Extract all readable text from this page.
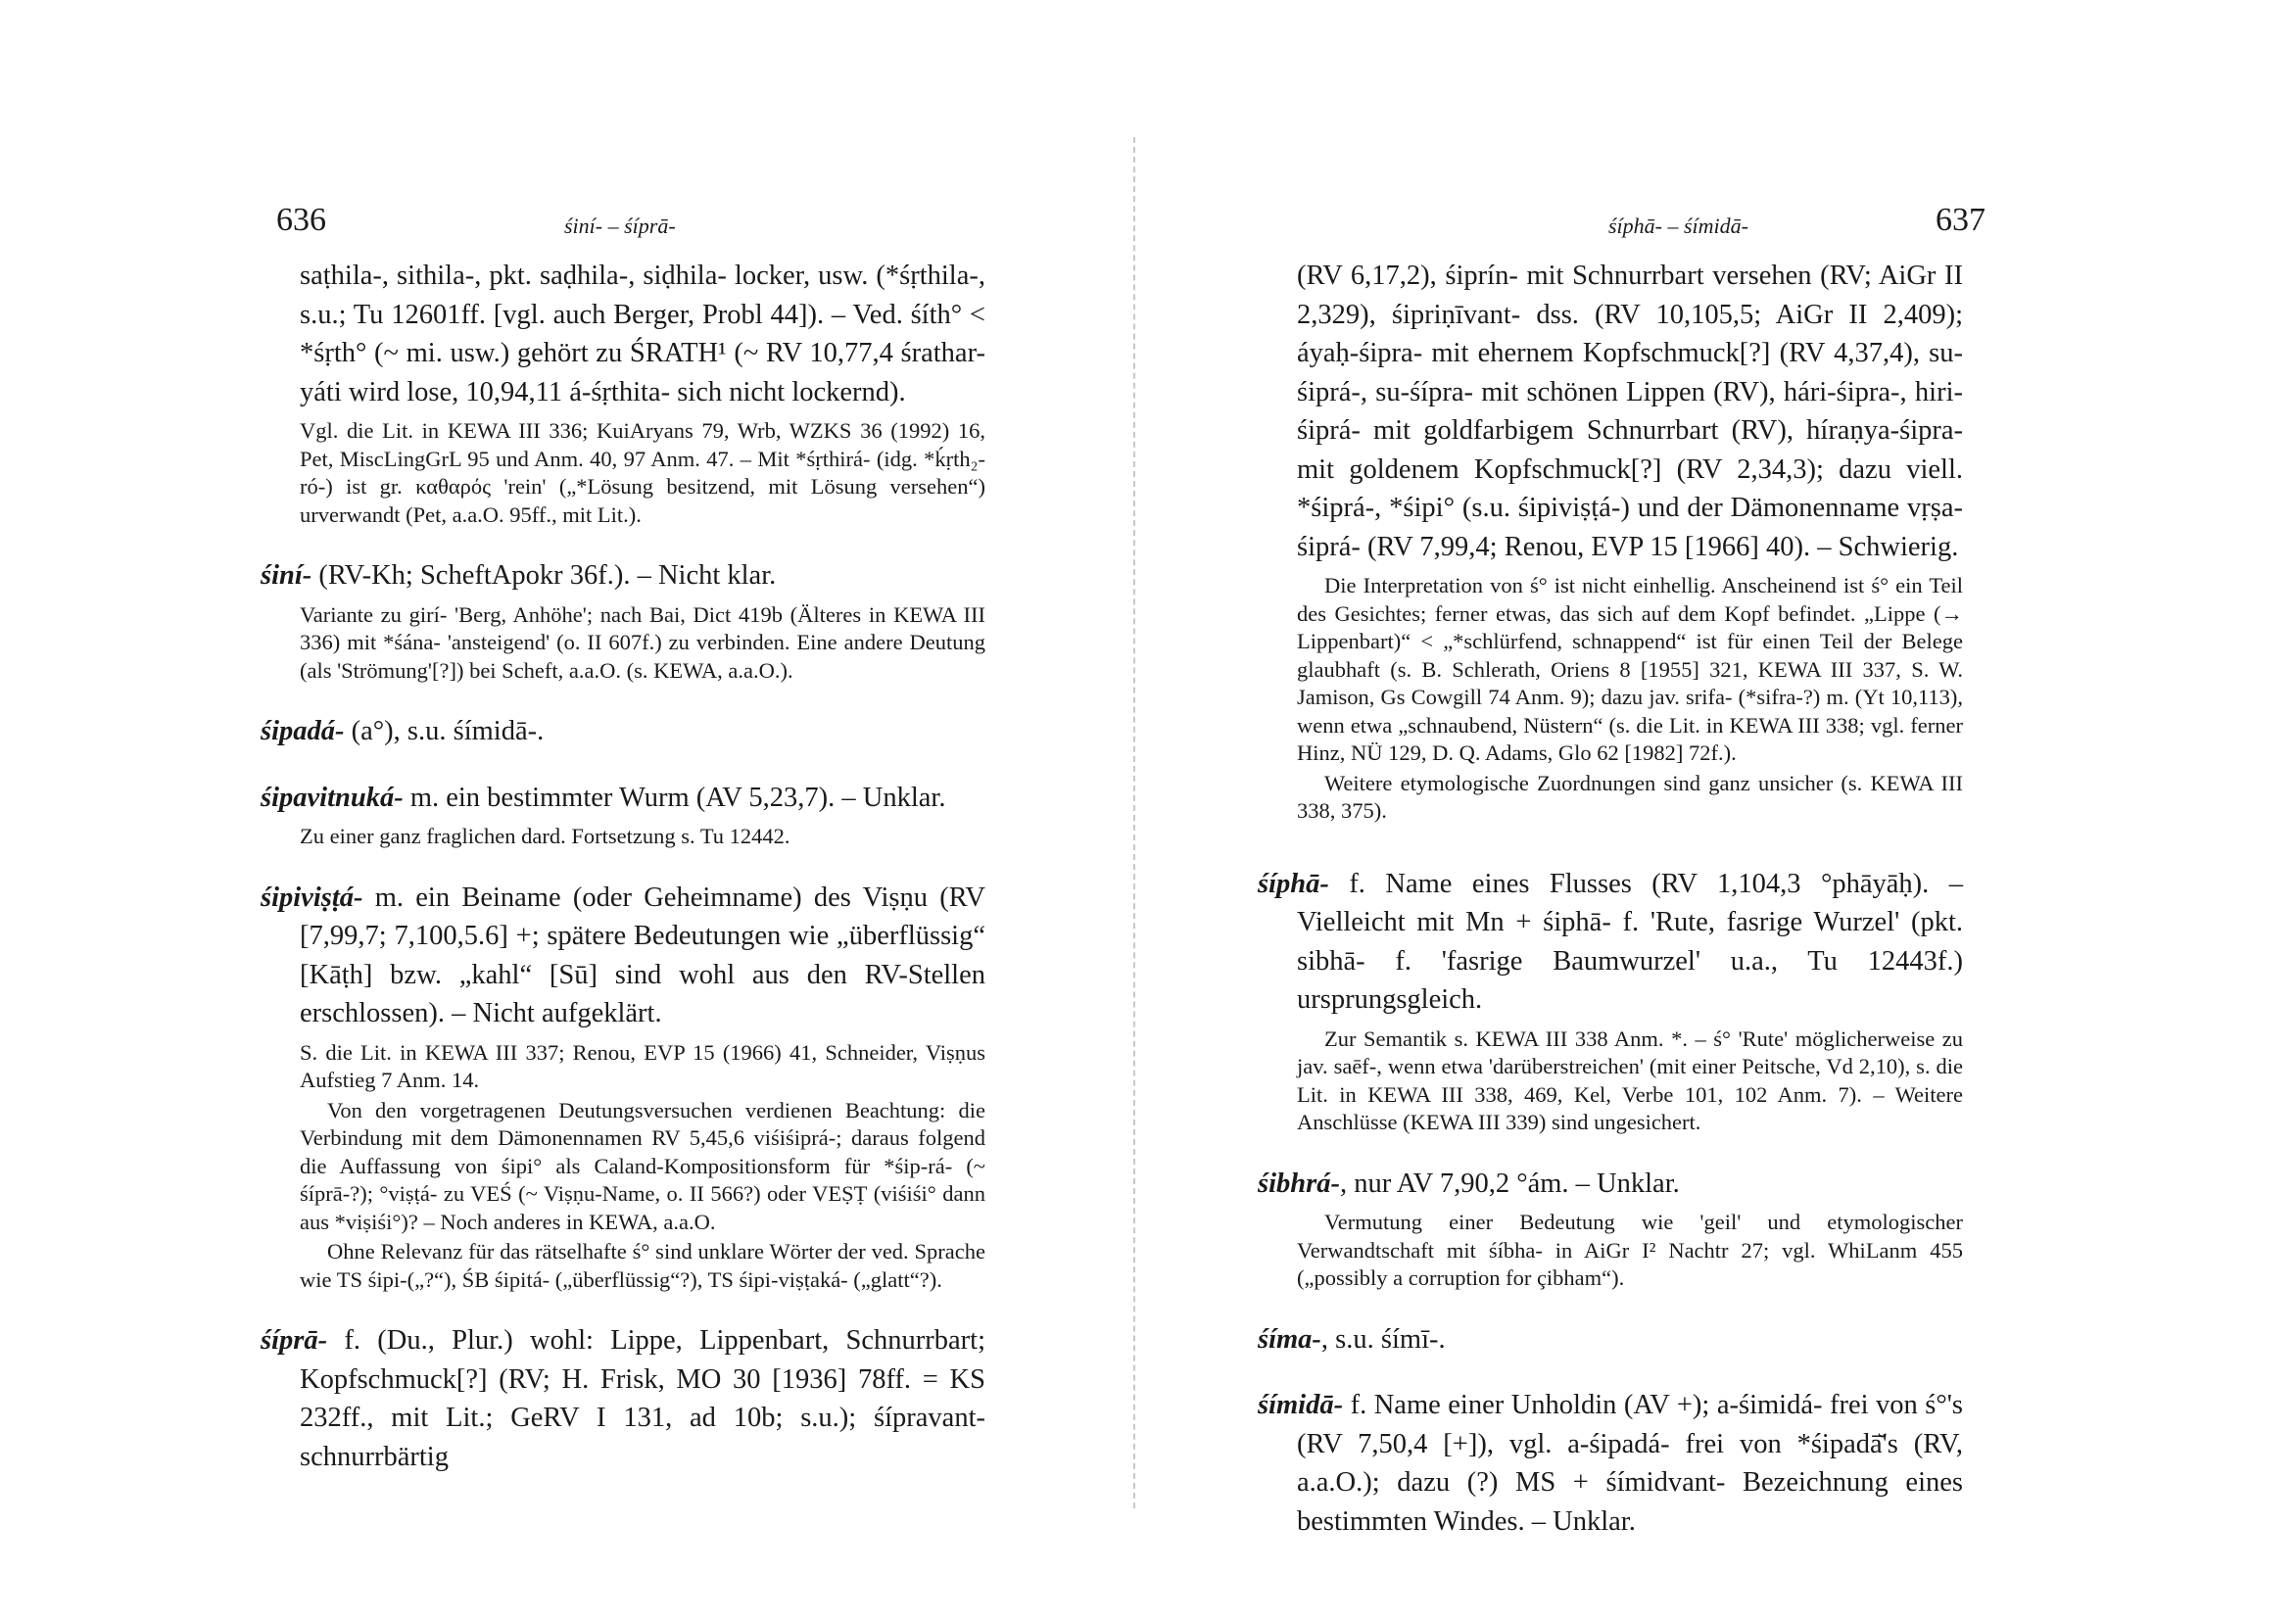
636	śiní- – śíprā-

saṭhila-, sithila-, pkt. saḍhila-, siḍhila- locker, usw. (*śṛthila-, s.u.; Tu 12601ff. [vgl. auch Berger, Probl 44]). – Ved. śíth° < *śṛth° (~ mi. usw.) gehört zu ŚRATH¹ (~ RV 10,77,4 śrathar-yáti wird lose, 10,94,11 á-śṛthita- sich nicht lockernd).

Vgl. die Lit. in KEWA III 336; KuiAryans 79, Wrb, WZKS 36 (1992) 16, Pet, MiscLingGrL 95 und Anm. 40, 97 Anm. 47. – Mit *śṛthirá- (idg. *ḱṛth₂-ró-) ist gr. καθαρός 'rein' („*Lösung besitzend, mit Lösung versehen“) urverwandt (Pet, a.a.O. 95ff., mit Lit.).

śiní- (RV-Kh; ScheftApokr 36f.). – Nicht klar.

Variante zu girí- 'Berg, Anhöhe'; nach Bai, Dict 419b (Älteres in KEWA III 336) mit *śána- 'ansteigend' (o. II 607f.) zu verbinden. Eine andere Deutung (als 'Strömung'[?]) bei Scheft, a.a.O. (s. KEWA, a.a.O.).

śipadá- (a°), s.u. śímidā-.

śipavitnuká- m. ein bestimmter Wurm (AV 5,23,7). – Unklar.

Zu einer ganz fraglichen dard. Fortsetzung s. Tu 12442.

śipiviṣṭá- m. ein Beiname (oder Geheimname) des Viṣṇu (RV [7,99,7; 7,100,5.6] +; spätere Bedeutungen wie „überflüssig“ [Kāṭh] bzw. „kahl“ [Sū] sind wohl aus den RV-Stellen erschlossen). – Nicht aufgeklärt.

S. die Lit. in KEWA III 337; Renou, EVP 15 (1966) 41, Schneider, Viṣṇus Aufstieg 7 Anm. 14.

Von den vorgetragenen Deutungsversuchen verdienen Beachtung: die Verbindung mit dem Dämonennamen RV 5,45,6 viśiśiprá-; daraus folgend die Auffassung von śipi° als Caland-Kompositionsform für *śip-rá- (~ śíprā-?); °viṣṭá- zu VEŚ (~ Viṣṇu-Name, o. II 566?) oder VEṢṬ (viśiśi° dann aus *viṣiśi°)? – Noch anderes in KEWA, a.a.O.

Ohne Relevanz für das rätselhafte ś° sind unklare Wörter der ved. Sprache wie TS śipi-(„?“), ŚB śipitá- („überflüssig“?), TS śipi-viṣṭaká- („glatt“?).

śíprā- f. (Du., Plur.) wohl: Lippe, Lippenbart, Schnurrbart; Kopfschmuck[?] (RV; H. Frisk, MO 30 [1936] 78ff. = KS 232ff., mit Lit.; GeRV I 131, ad 10b; s.u.); śípravant- schnurrbärtig

śíphā- – śímidā-	637

(RV 6,17,2), śiprín- mit Schnurrbart versehen (RV; AiGr II 2,329), śipriṇīvant- dss. (RV 10,105,5; AiGr II 2,409); áyaḥ-śipra- mit ehernem Kopfschmuck[?] (RV 4,37,4), su-śiprá-, su-śípra- mit schönen Lippen (RV), hári-śipra-, hiri-śiprá- mit goldfarbigem Schnurrbart (RV), híraṇya-śipra- mit goldenem Kopfschmuck[?] (RV 2,34,3); dazu viell. *śiprá-, *śipi° (s.u. śipiviṣṭá-) und der Dämonenname vṛṣa-śiprá- (RV 7,99,4; Renou, EVP 15 [1966] 40). – Schwierig.

Die Interpretation von ś° ist nicht einhellig. Anscheinend ist ś° ein Teil des Gesichtes; ferner etwas, das sich auf dem Kopf befindet. „Lippe (→ Lippenbart)“ < „*schlürfend, schnappend“ ist für einen Teil der Belege glaubhaft (s. B. Schlerath, Oriens 8 [1955] 321, KEWA III 337, S. W. Jamison, Gs Cowgill 74 Anm. 9); dazu jav. srifa- (*sifra-?) m. (Yt 10,113), wenn etwa „schnaubend, Nüstern“ (s. die Lit. in KEWA III 338; vgl. ferner Hinz, NÜ 129, D. Q. Adams, Glo 62 [1982] 72f.).

Weitere etymologische Zuordnungen sind ganz unsicher (s. KEWA III 338, 375).

śíphā- f. Name eines Flusses (RV 1,104,3 °phāyāḥ). – Vielleicht mit Mn + śiphā- f. 'Rute, fasrige Wurzel' (pkt. sibhā- f. 'fasrige Baumwurzel' u.a., Tu 12443f.) ursprungsgleich.

Zur Semantik s. KEWA III 338 Anm. *. – ś° 'Rute' möglicherweise zu jav. saēf-, wenn etwa 'darüberstreichen' (mit einer Peitsche, Vd 2,10), s. die Lit. in KEWA III 338, 469, Kel, Verbe 101, 102 Anm. 7). – Weitere Anschlüsse (KEWA III 339) sind ungesichert.

śibhrá-, nur AV 7,90,2 °ám. – Unklar.

Vermutung einer Bedeutung wie 'geil' und etymologischer Verwandtschaft mit śíbha- in AiGr I² Nachtr 27; vgl. WhiLanm 455 („possibly a corruption for çibham“).

śíma-, s.u. śímī-.

śímidā- f. Name einer Unholdin (AV +); a-śimidá- frei von ś°'s (RV 7,50,4 [+]), vgl. a-śipadá- frei von *śipadā̆'s (RV, a.a.O.); dazu (?) MS + śímidvant- Bezeichnung eines bestimmten Windes. – Unklar.
